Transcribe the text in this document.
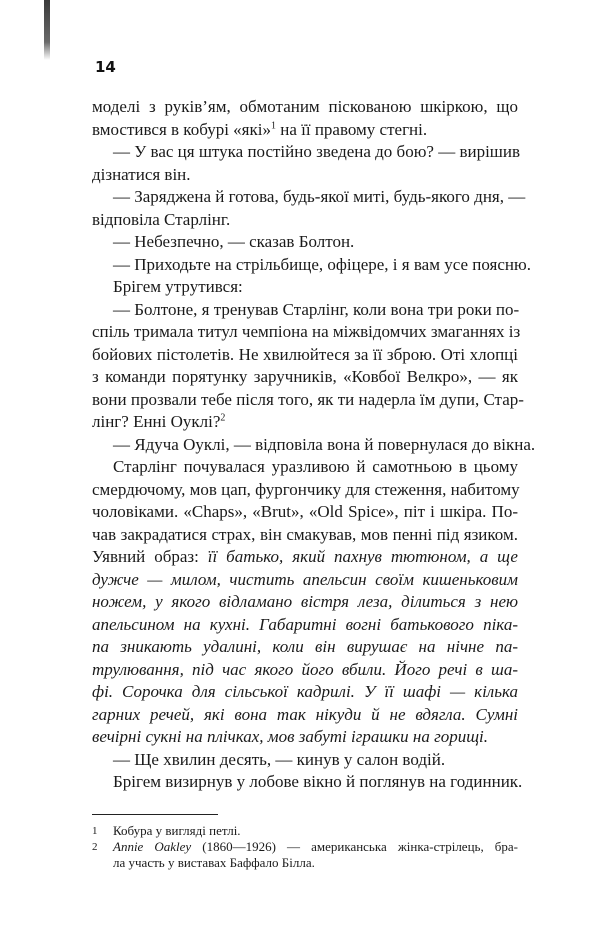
14
моделі з руків’ям, обмотаним піскованою шкіркою, що
вмостився в кобурі «які»$^1$ на її правому стегні.
— У вас ця штука постійно зведена до бою? — вирішив
дізнатися він.
— Заряджена й готова, будь-якої миті, будь-якого дня, —
відповіла Старлінг.
— Небезпечно, — сказав Болтон.
— Приходьте на стрільбище, офіцере, і я вам усе поясню.
Брігем утрутився:
— Болтоне, я тренував Старлінг, коли вона три роки по-
спіль тримала титул чемпіона на міжвідомчих змаганнях із
бойових пістолетів. Не хвилюйтеся за її зброю. Оті хлопці
з команди порятунку заручників, «Ковбої Велкро», — як
вони прозвали тебе після того, як ти надерла їм дупи, Стар-
лінг? Енні Оуклі?$^2$
— Ядуча Оуклі, — відповіла вона й повернулася до вікна.
Старлінг почувалася уразливою й самотньою в цьому
смердючому, мов цап, фургончику для стеження, набитому
чоловіками. «Chaps», «Brut», «Old Spice», піт і шкіра. По-
чав закрадатися страх, він смакував, мов пенні під язиком.
Уявний образ: її батько, який пахнув тютюном, а ще
дужче — милом, чистить апельсин своїм кишеньковим
ножем, у якого відламано вістря леза, ділиться з нею
апельсином на кухні. Габаритні вогні батькового піка-
па зникають удалині, коли він вирушає на нічне па-
трулювання, під час якого його вбили. Його речі в ша-
фі. Сорочка для сільської кадрилі. У її шафі — кілька
гарних речей, які вона так нікуди й не вдягла. Сумні
вечірні сукні на плічках, мов забуті іграшки на горищі.
— Ще хвилин десять, — кинув у салон водій.
Брігем визирнув у лобове вікно й поглянув на годинник.
1 Кобура у вигляді петлі.
2 Annie Oakley (1860—1926) — американська жінка-стрілець, бра-
ла участь у виставах Баффало Білла.
